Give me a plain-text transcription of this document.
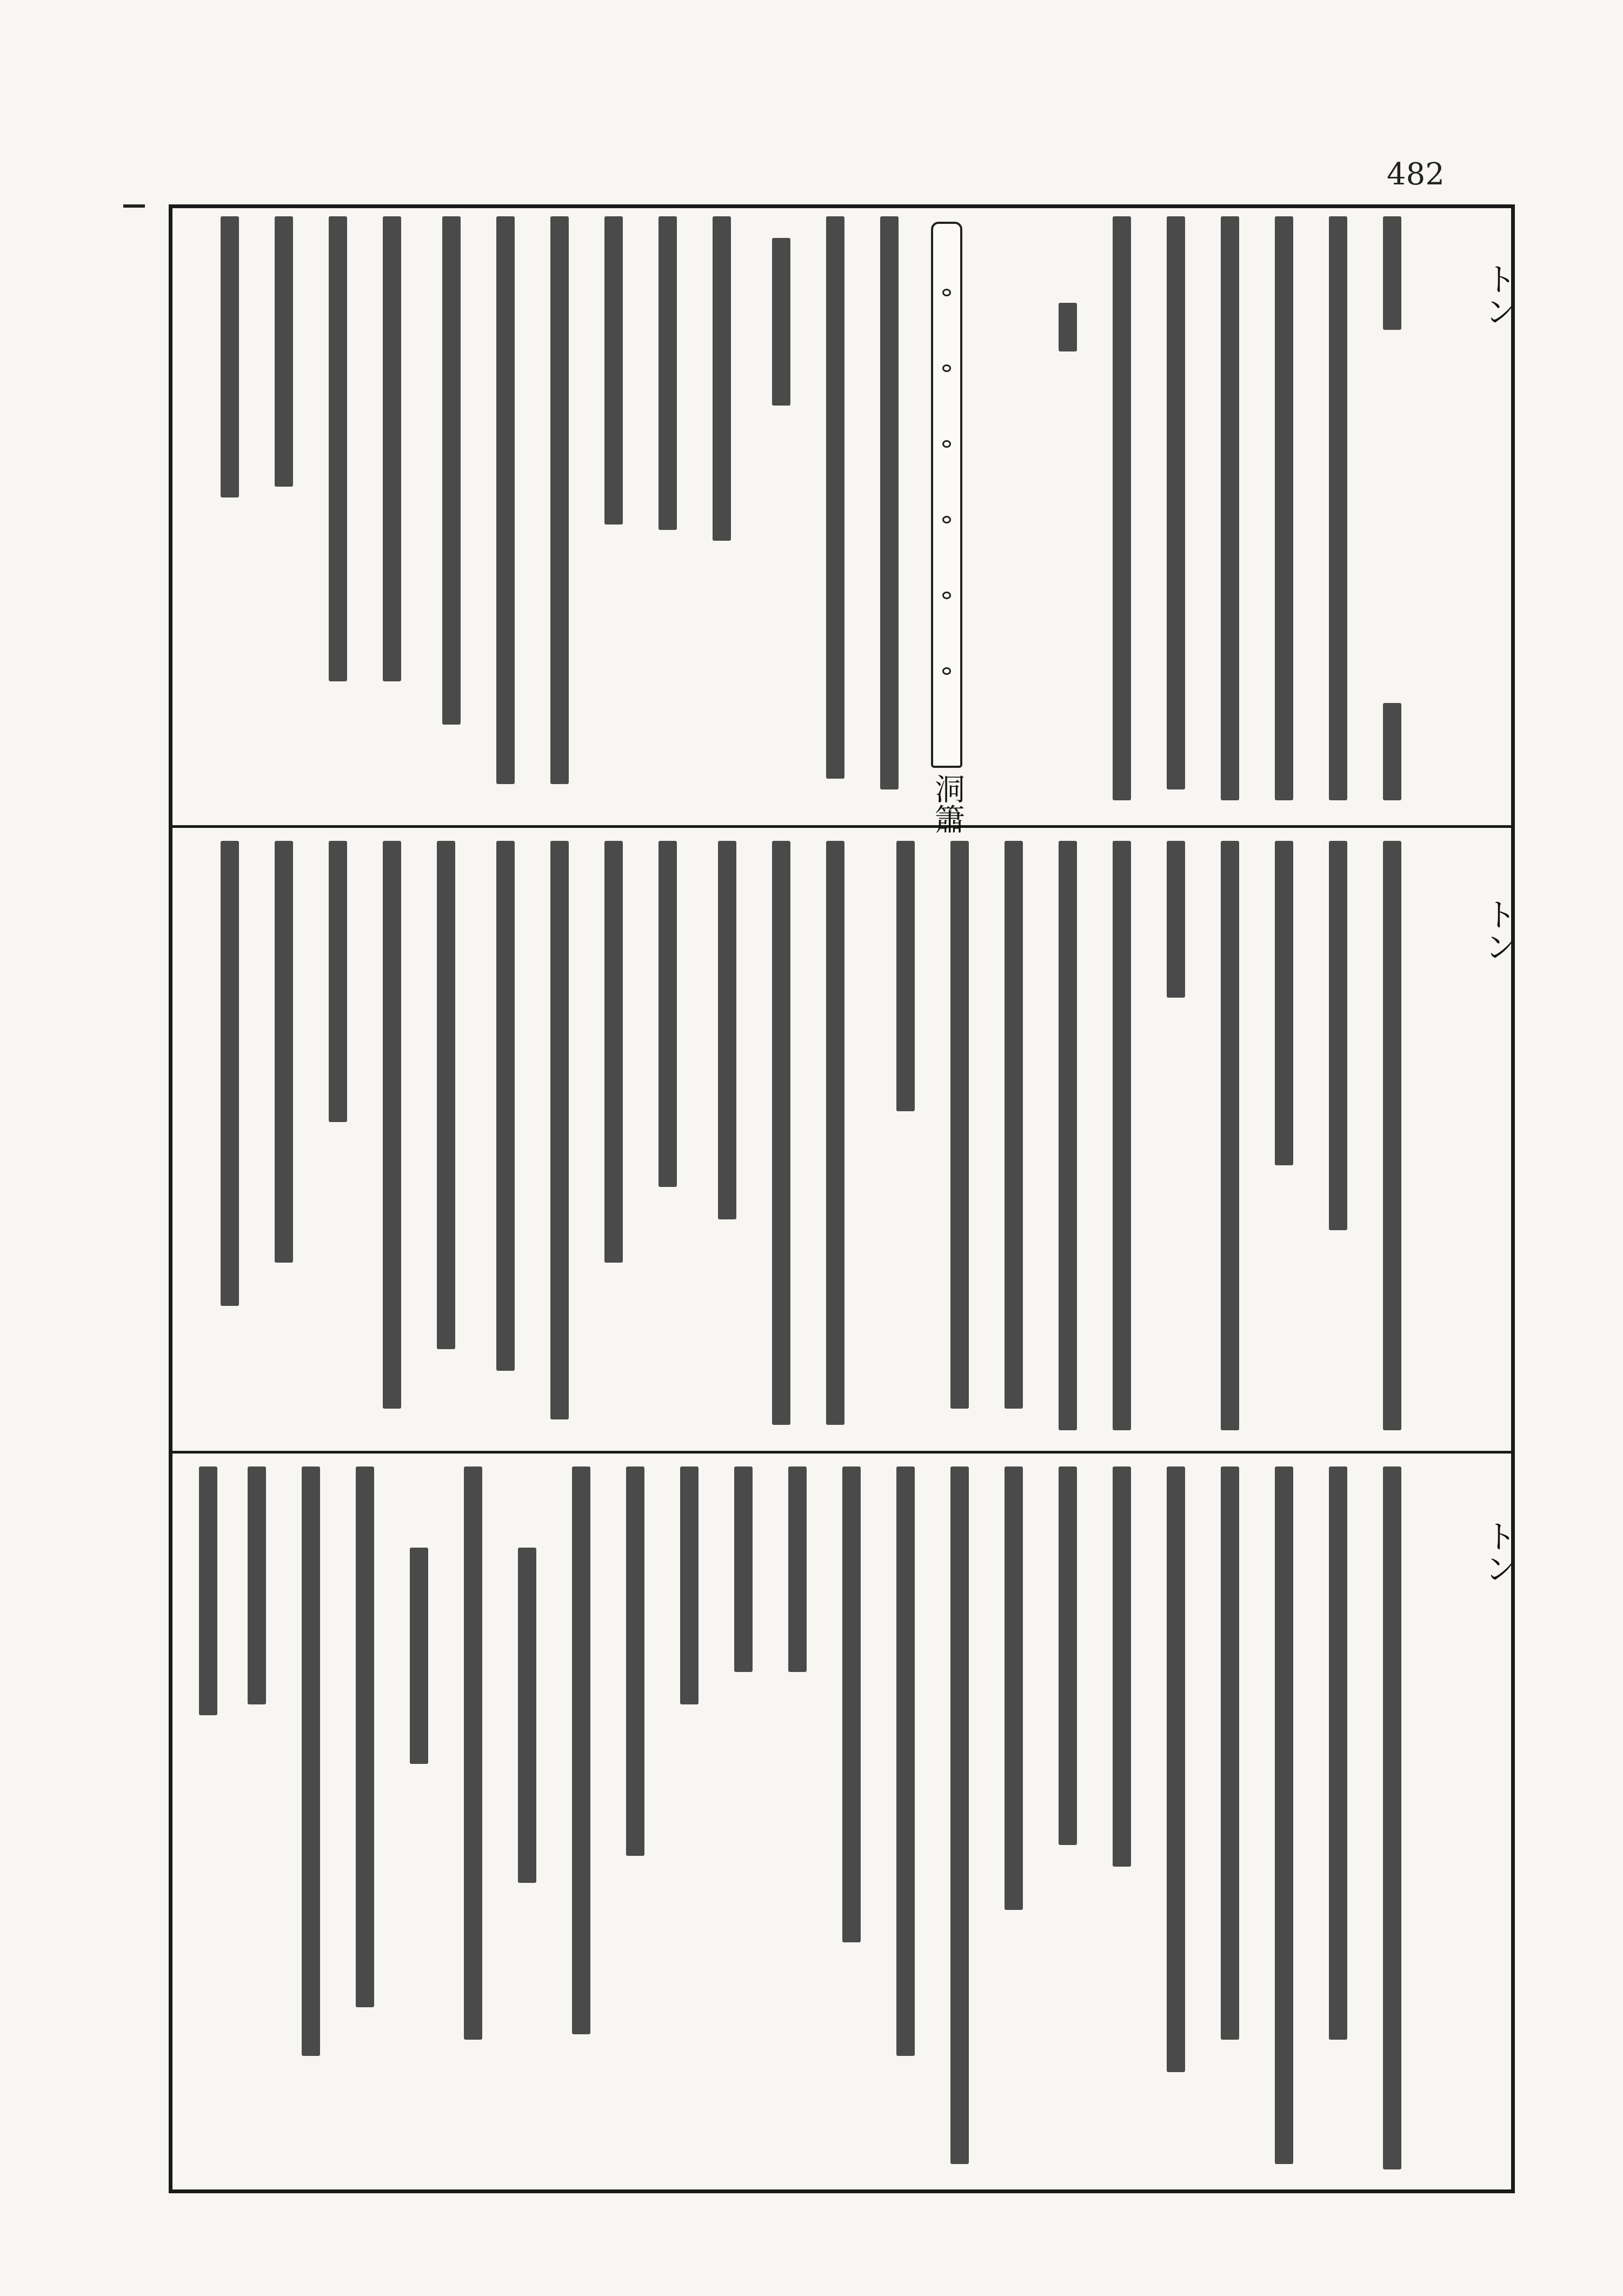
482
トン
トン
トン
洞簫
